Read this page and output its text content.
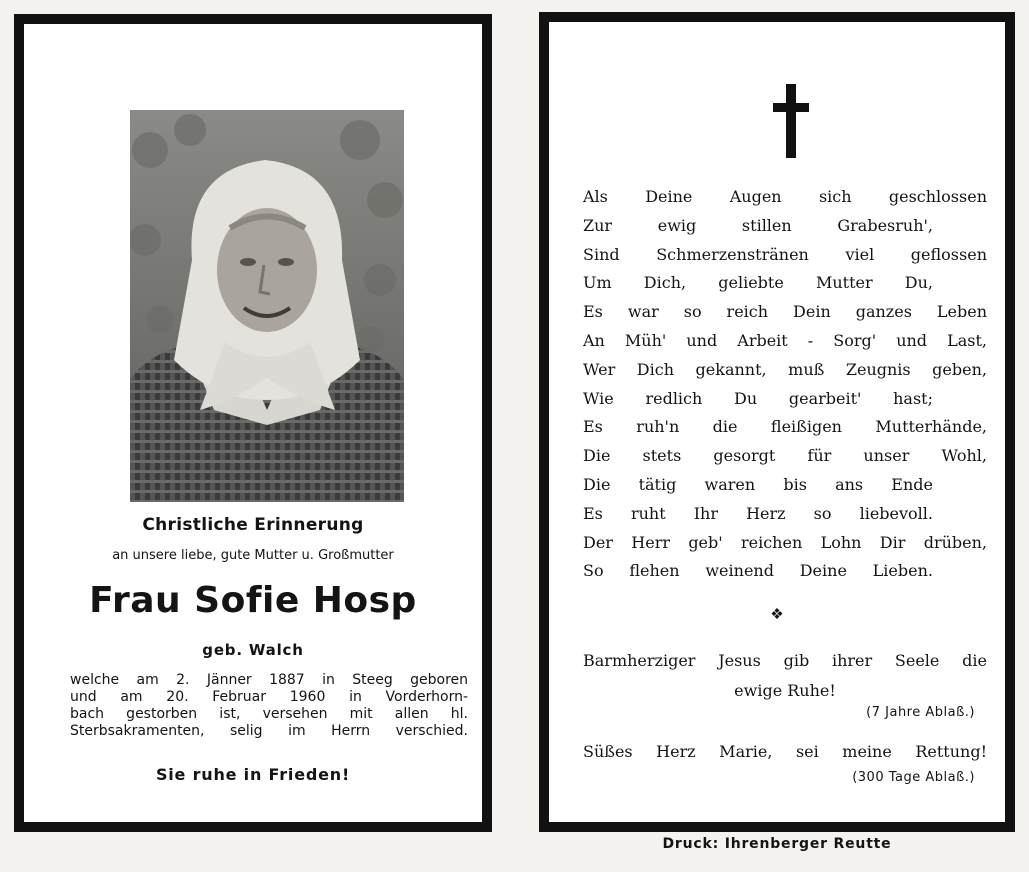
Christliche Erinnerung
an unsere liebe, gute Mutter u. Großmutter
Frau Sofie Hosp
geb. Walch
welche am 2. Jänner 1887 in Steeg geboren
und am 20. Februar 1960 in Vorderhorn-
bach gestorben ist, versehen mit allen hl.
Sterbsakramenten, selig im Herrn verschied.
Sie ruhe in Frieden!
Als Deine Augen sich geschlossen
Zur ewig stillen Grabesruh',
Sind Schmerzenstränen viel geflossen
Um Dich, geliebte Mutter Du,
Es war so reich Dein ganzes Leben
An Müh' und Arbeit - Sorg' und Last,
Wer Dich gekannt, muß Zeugnis geben,
Wie redlich Du gearbeit' hast;
Es ruh'n die fleißigen Mutterhände,
Die stets gesorgt für unser Wohl,
Die tätig waren bis ans Ende
Es ruht Ihr Herz so liebevoll.
Der Herr geb' reichen Lohn Dir drüben,
So flehen weinend Deine Lieben.
❖
Barmherziger Jesus gib ihrer Seele die
ewige Ruhe!
(7 Jahre Ablaß.)
Süßes Herz Marie, sei meine Rettung!
(300 Tage Ablaß.)
Druck: Ihrenberger Reutte
